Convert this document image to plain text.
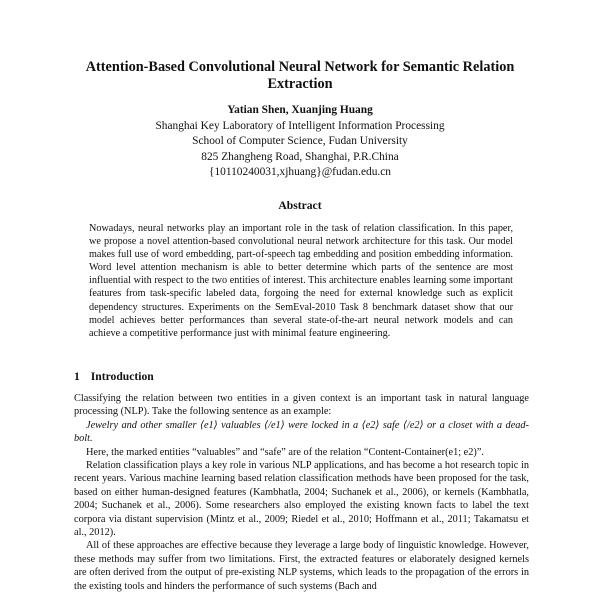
Attention-Based Convolutional Neural Network for Semantic Relation Extraction
Yatian Shen, Xuanjing Huang
Shanghai Key Laboratory of Intelligent Information Processing
School of Computer Science, Fudan University
825 Zhangheng Road, Shanghai, P.R.China
{10110240031,xjhuang}@fudan.edu.cn
Abstract

Nowadays, neural networks play an important role in the task of relation classification. In this paper, we propose a novel attention-based convolutional neural network architecture for this task. Our model makes full use of word embedding, part-of-speech tag embedding and position embedding information. Word level attention mechanism is able to better determine which parts of the sentence are most influential with respect to the two entities of interest. This architecture enables learning some important features from task-specific labeled data, forgoing the need for external knowledge such as explicit dependency structures. Experiments on the SemEval-2010 Task 8 benchmark dataset show that our model achieves better performances than several state-of-the-art neural network models and can achieve a competitive performance just with minimal feature engineering.

1 Introduction

Classifying the relation between two entities in a given context is an important task in natural language processing (NLP). Take the following sentence as an example:

Jewelry and other smaller ⟨e1⟩ valuables ⟨/e1⟩ were locked in a ⟨e2⟩ safe ⟨/e2⟩ or a closet with a dead-bolt.

Here, the marked entities “valuables” and “safe” are of the relation “Content-Container(e1; e2)”.

Relation classification plays a key role in various NLP applications, and has become a hot research topic in recent years. Various machine learning based relation classification methods have been proposed for the task, based on either human-designed features (Kambhatla, 2004; Suchanek et al., 2006), or kernels (Kambhatla, 2004; Suchanek et al., 2006). Some researchers also employed the existing known facts to label the text corpora via distant supervision (Mintz et al., 2009; Riedel et al., 2010; Hoffmann et al., 2011; Takamatsu et al., 2012).

All of these approaches are effective because they leverage a large body of linguistic knowledge. However, these methods may suffer from two limitations. First, the extracted features or elaborately designed kernels are often derived from the output of pre-existing NLP systems, which leads to the propagation of the errors in the existing tools and hinders the performance of such systems (Bach and
